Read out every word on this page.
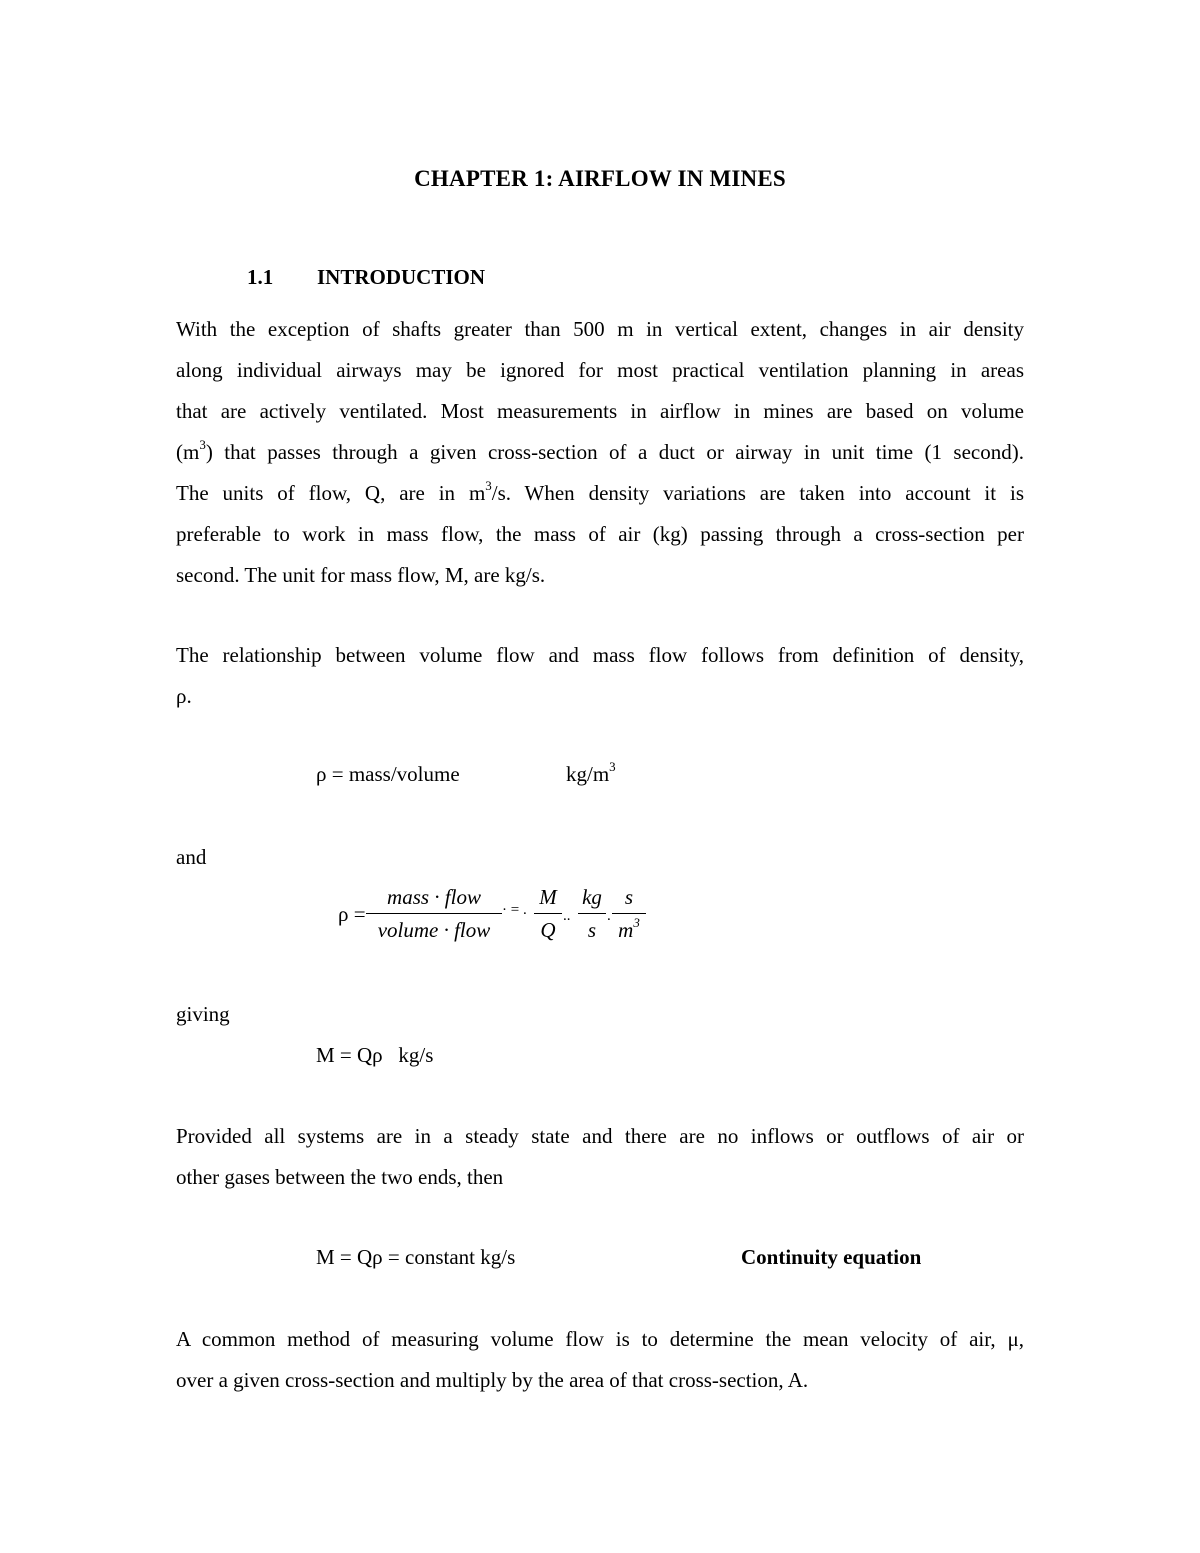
CHAPTER 1: AIRFLOW IN MINES
1.1 INTRODUCTION
With the exception of shafts greater than 500 m in vertical extent, changes in air density
along individual airways may be ignored for most practical ventilation planning in areas
that are actively ventilated. Most measurements in airflow in mines are based on volume
$(m^3)$ that passes through a given cross-section of a duct or airway in unit time (1 second).
The units of flow, Q, are in $m^3/s$. When density variations are taken into account it is
preferable to work in mass flow, the mass of air (kg) passing through a cross-section per
second. The unit for mass flow, M, are kg/s.
The relationship between volume flow and mass flow follows from definition of density,
ρ.
ρ = mass/volume	$kg/m^3$
and
ρ =
mass · flow
volume · flow
· = .
M
Q
..
kg
s
.
s
$m^3$
giving
M = Qρ   kg/s
Provided all systems are in a steady state and there are no inflows or outflows of air or
other gases between the two ends, then
M = Qρ = constant kg/s	Continuity equation
A common method of measuring volume flow is to determine the mean velocity of air, μ,
over a given cross-section and multiply by the area of that cross-section, A.
